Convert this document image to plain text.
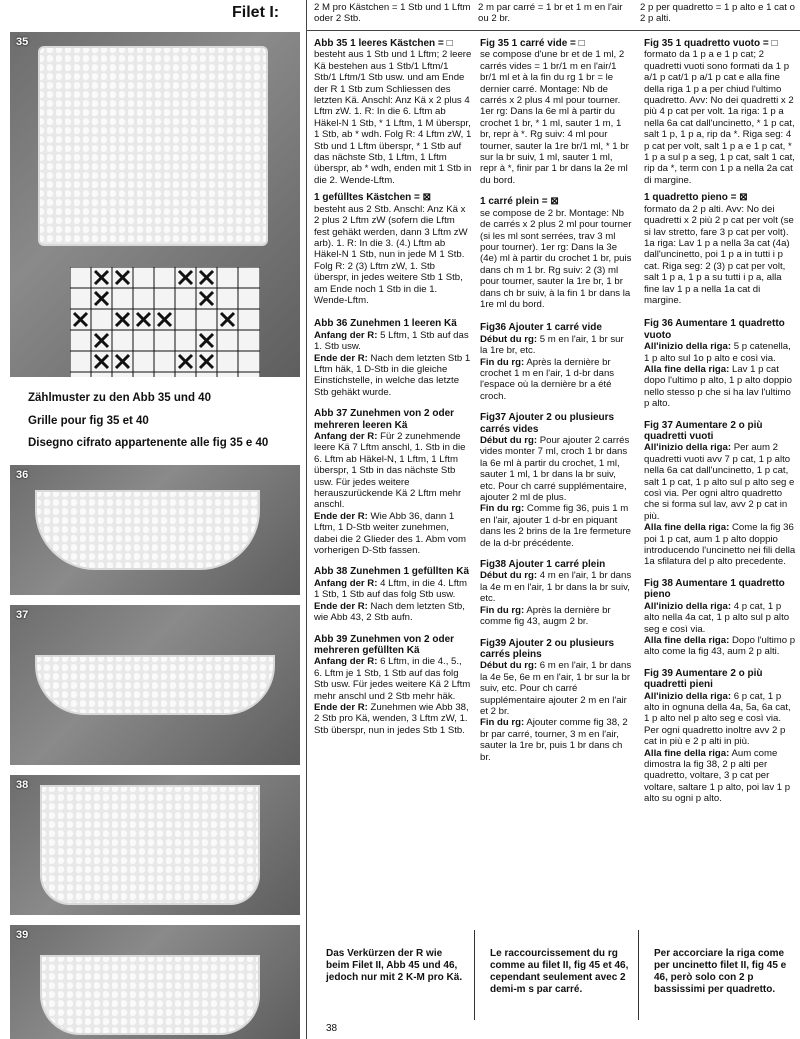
35
Zählmuster zu den Abb 35 und 40
Grille pour fig 35 et 40
Disegno cifrato appartenente alle fig 35 e 40
36
37
38
39
Filet I:	2 M pro Kästchen = 1 Stb und 1 Lftm oder 2 Stb.
2 m par carré = 1 br et 1 m en l'air ou 2 br.
2 p per quadretto = 1 p alto e 1 cat o 2 p alti.

Abb 35 1 leeres Kästchen = □
besteht aus 1 Stb und 1 Lftm; 2 leere Kä bestehen aus 1 Stb/1 Lftm/1 Stb/1 Lftm/1 Stb usw. und am Ende der R 1 Stb zum Schliessen des letzten Kä. Anschl: Anz Kä x 2 plus 4 Lftm zW. 1. R: In die 6. Lftm ab Häkel-N 1 Stb, * 1 Lftm, 1 M überspr, 1 Stb, ab * wdh. Folg R: 4 Lftm zW, 1 Stb und 1 Lftm überspr, * 1 Stb auf das nächste Stb, 1 Lftm, 1 Lftm überspr, ab * wdh, enden mit 1 Stb in die 2. Wende-Lftm.

1 gefülltes Kästchen = ⊠
besteht aus 2 Stb. Anschl: Anz Kä x 2 plus 2 Lftm zW (sofern die Lftm fest gehäkt werden, dann 3 Lftm zW arb). 1. R: In die 3. (4.) Lftm ab Häkel-N 1 Stb, nun in jede M 1 Stb. Folg R: 2 (3) Lftm zW, 1. Stb überspr, in jedes weitere Stb 1 Stb, am Ende noch 1 Stb in die 1. Wende-Lftm.

Abb 36 Zunehmen 1 leeren Kä
Anfang der R: 5 Lftm, 1 Stb auf das 1. Stb usw.
Ende der R: Nach dem letzten Stb 1 Lftm häk, 1 D-Stb in die gleiche Einstichstelle, in welche das letzte Stb gehäkt wurde.

Abb 37 Zunehmen von 2 oder mehreren leeren Kä
Anfang der R: Für 2 zunehmende leere Kä 7 Lftm anschl, 1. Stb in die 6. Lftm ab Häkel-N, 1 Lftm, 1 Lftm überspr, 1 Stb in das nächste Stb usw. Für jedes weitere herauszurückende Kä 2 Lftm mehr anschl.
Ende der R: Wie Abb 36, dann 1 Lftm, 1 D-Stb weiter zunehmen, dabei die 2 Glieder des 1. Abm vom vorherigen D-Stb fassen.

Abb 38 Zunehmen 1 gefüllten Kä
Anfang der R: 4 Lftm, in die 4. Lftm 1 Stb, 1 Stb auf das folg Stb usw.
Ende der R: Nach dem letzten Stb, wie Abb 43, 2 Stb aufn.

Abb 39 Zunehmen von 2 oder mehreren gefüllten Kä
Anfang der R: 6 Lftm, in die 4., 5., 6. Lftm je 1 Stb, 1 Stb auf das folg Stb usw. Für jedes weitere Kä 2 Lftm mehr anschl und 2 Stb mehr häk.
Ende der R: Zunehmen wie Abb 38, 2 Stb pro Kä, wenden, 3 Lftm zW, 1. Stb überspr, nun in jedes Stb 1 Stb.

Fig 35 1 carré vide = □
se compose d'une br et de 1 ml, 2 carrés vides = 1 br/1 m en l'air/1 br/1 ml et à la fin du rg 1 br = le dernier carré. Montage: Nb de carrés x 2 plus 4 ml pour tourner. 1er rg: Dans la 6e ml à partir du crochet 1 br, * 1 ml, sauter 1 m, 1 br, repr à *. Rg suiv: 4 ml pour tourner, sauter la 1re br/1 ml, * 1 br sur la br suiv, 1 ml, sauter 1 ml, repr à *, finir par 1 br dans la 2e ml du bord.

1 carré plein = ⊠
se compose de 2 br. Montage: Nb de carrés x 2 plus 2 ml pour tourner (si les ml sont serrées, trav 3 ml pour tourner). 1er rg: Dans la 3e (4e) ml à partir du crochet 1 br, puis dans ch m 1 br. Rg suiv: 2 (3) ml pour tourner, sauter la 1re br, 1 br dans ch br suiv, à la fin 1 br dans la 1re ml du bord.

Fig36 Ajouter 1 carré vide
Début du rg: 5 m en l'air, 1 br sur la 1re br, etc.
Fin du rg: Après la dernière br crochet 1 m en l'air, 1 d-br dans l'espace où la dernière br a été croch.

Fig37 Ajouter 2 ou plusieurs carrés vides
Début du rg: Pour ajouter 2 carrés vides monter 7 ml, croch 1 br dans la 6e ml à partir du crochet, 1 ml, sauter 1 ml, 1 br dans la br suiv, etc. Pour ch carré supplémentaire, ajouter 2 ml de plus.
Fin du rg: Comme fig 36, puis 1 m en l'air, ajouter 1 d-br en piquant dans les 2 brins de la 1re fermeture de la d-br précédente.

Fig38 Ajouter 1 carré plein
Début du rg: 4 m en l'air, 1 br dans la 4e m en l'air, 1 br dans la br suiv, etc.
Fin du rg: Après la dernière br comme fig 43, augm 2 br.

Fig39 Ajouter 2 ou plusieurs carrés pleins
Début du rg: 6 m en l'air, 1 br dans la 4e 5e, 6e m en l'air, 1 br sur la br suiv, etc. Pour ch carré supplémentaire ajouter 2 m en l'air et 2 br.
Fin du rg: Ajouter comme fig 38, 2 br par carré, tourner, 3 m en l'air, sauter la 1re br, puis 1 br dans ch br.

Fig 35 1 quadretto vuoto = □
formato da 1 p a e 1 p cat; 2 quadretti vuoti sono formati da 1 p a/1 p cat/1 p a/1 p cat e alla fine della riga 1 p a per chiud l'ultimo quadretto. Avv: No dei quadretti x 2 più 4 p cat per volt. 1a riga: 1 p a nella 6a cat dall'uncinetto, * 1 p cat, salt 1 p, 1 p a, rip da *. Riga seg: 4 p cat per volt, salt 1 p a e 1 p cat, * 1 p a sul p a seg, 1 p cat, salt 1 cat, rip da *, term con 1 p a nella 2a cat di margine.

1 quadretto pieno = ⊠
formato da 2 p alti. Avv: No dei quadretti x 2 più 2 p cat per volt (se si lav stretto, fare 3 p cat per volt). 1a riga: Lav 1 p a nella 3a cat (4a) dall'uncinetto, poi 1 p a in tutti i p cat. Riga seg: 2 (3) p cat per volt, salt 1 p a, 1 p a su tutti i p a, alla fine lav 1 p a nella 1a cat di margine.

Fig 36 Aumentare 1 quadretto vuoto
All'inizio della riga: 5 p catenella, 1 p alto sul 1o p alto e così via.
Alla fine della riga: Lav 1 p cat dopo l'ultimo p alto, 1 p alto doppio nello stesso p che si ha lav l'ultimo p alto.

Fig 37 Aumentare 2 o più quadretti vuoti
All'inizio della riga: Per aum 2 quadretti vuoti avv 7 p cat, 1 p alto nella 6a cat dall'uncinetto, 1 p cat, salt 1 p cat, 1 p alto sul p alto seg e così via. Per ogni altro quadretto che si forma sul lav, avv 2 p cat in più.
Alla fine della riga: Come la fig 36 poi 1 p cat, aum 1 p alto doppio introducendo l'uncinetto nei fili della 1a sfilatura del p alto precedente.

Fig 38 Aumentare 1 quadretto pieno
All'inizio della riga: 4 p cat, 1 p alto nella 4a cat, 1 p alto sul p alto seg e così via.
Alla fine della riga: Dopo l'ultimo p alto come la fig 43, aum 2 p alti.

Fig 39 Aumentare 2 o più quadretti pieni
All'inizio della riga: 6 p cat, 1 p alto in ognuna della 4a, 5a, 6a cat, 1 p alto nel p alto seg e così via. Per ogni quadretto inoltre avv 2 p cat in più e 2 p alti in più.
Alla fine della riga: Aum come dimostra la fig 38, 2 p alti per quadretto, voltare, 3 p cat per voltare, saltare 1 p alto, poi lav 1 p alto su ogni p alto.

Das Verkürzen der R wie beim Filet II, Abb 45 und 46, jedoch nur mit 2 K-M pro Kä.
Le raccourcissement du rg comme au filet II, fig 45 et 46, cependant seulement avec 2 demi-m s par carré.
Per accorciare la riga come per uncinetto filet II, fig 45 e 46, però solo con 2 p bassissimi per quadretto.
38
